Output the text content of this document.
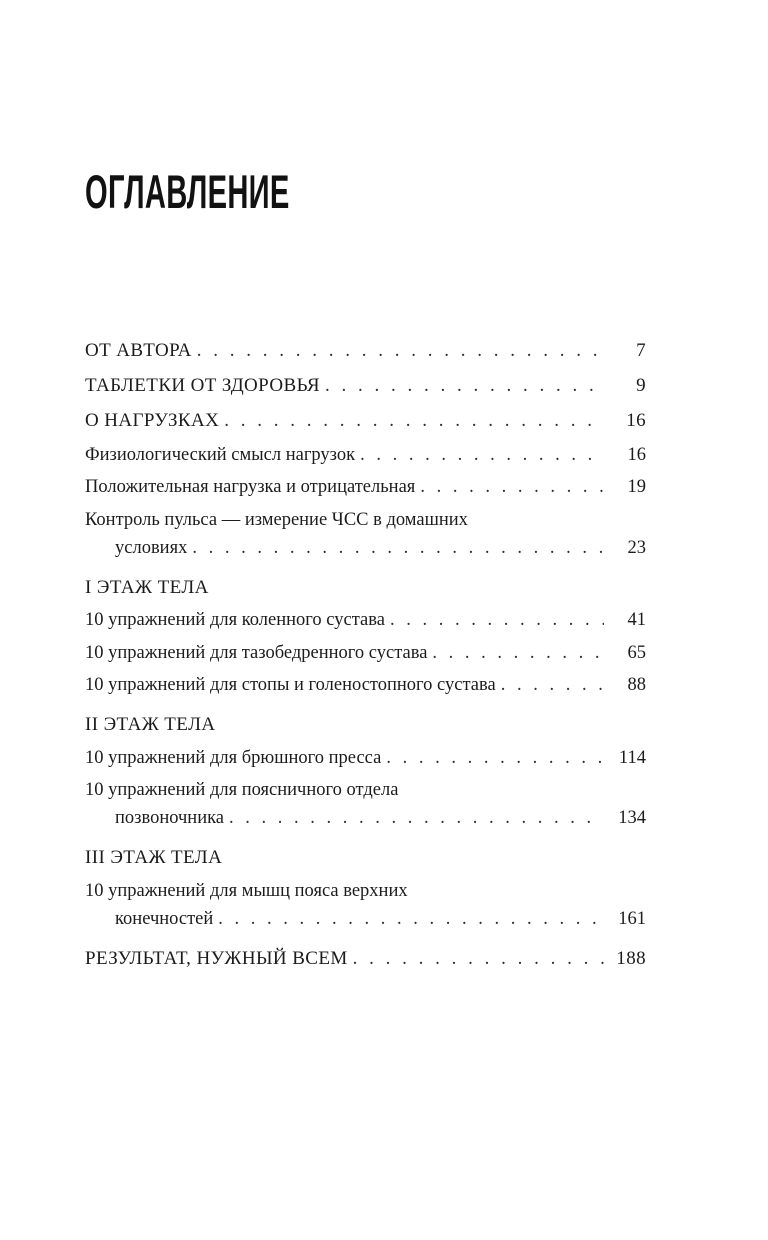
ОГЛАВЛЕНИЕ
ОТ АВТОРА . . .	7
ТАБЛЕТКИ ОТ ЗДОРОВЬЯ . . .	9
О НАГРУЗКАХ . . .	16
Физиологический смысл нагрузок . . .	16
Положительная нагрузка и отрицательная . . .	19
Контроль пульса — измерение ЧСС в домашних
условиях . . .	23
I ЭТАЖ ТЕЛА
10 упражнений для коленного сустава . . .	41
10 упражнений для тазобедренного сустава . . .	65
10 упражнений для стопы и голеностопного сустава . . .	88
II ЭТАЖ ТЕЛА
10 упражнений для брюшного пресса . . .	114
10 упражнений для поясничного отдела
позвоночника . . .	134
III ЭТАЖ ТЕЛА
10 упражнений для мышц пояса верхних
конечностей . . .	161
РЕЗУЛЬТАТ, НУЖНЫЙ ВСЕМ . . .	188
